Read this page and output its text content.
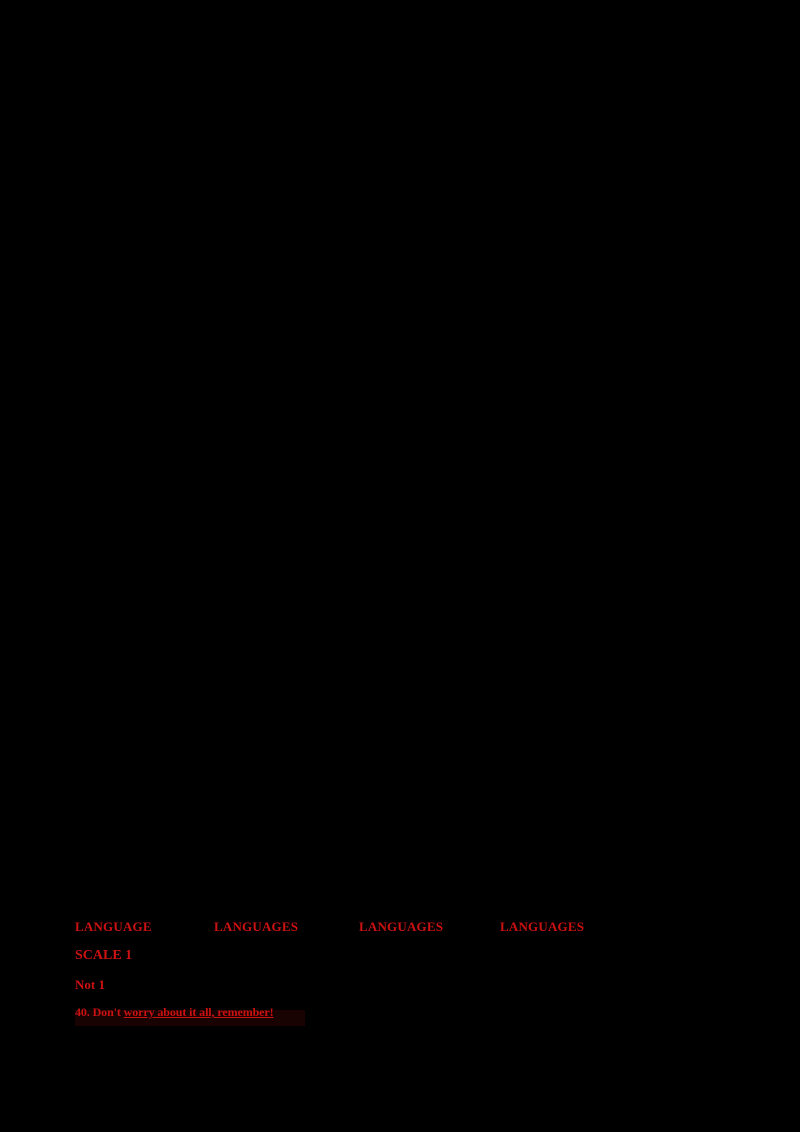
LANGUAGE	LANGUAGES	LANGUAGES	LANGUAGES
SCALE 1
Not 1
40. Don't worry about it all, remember!
